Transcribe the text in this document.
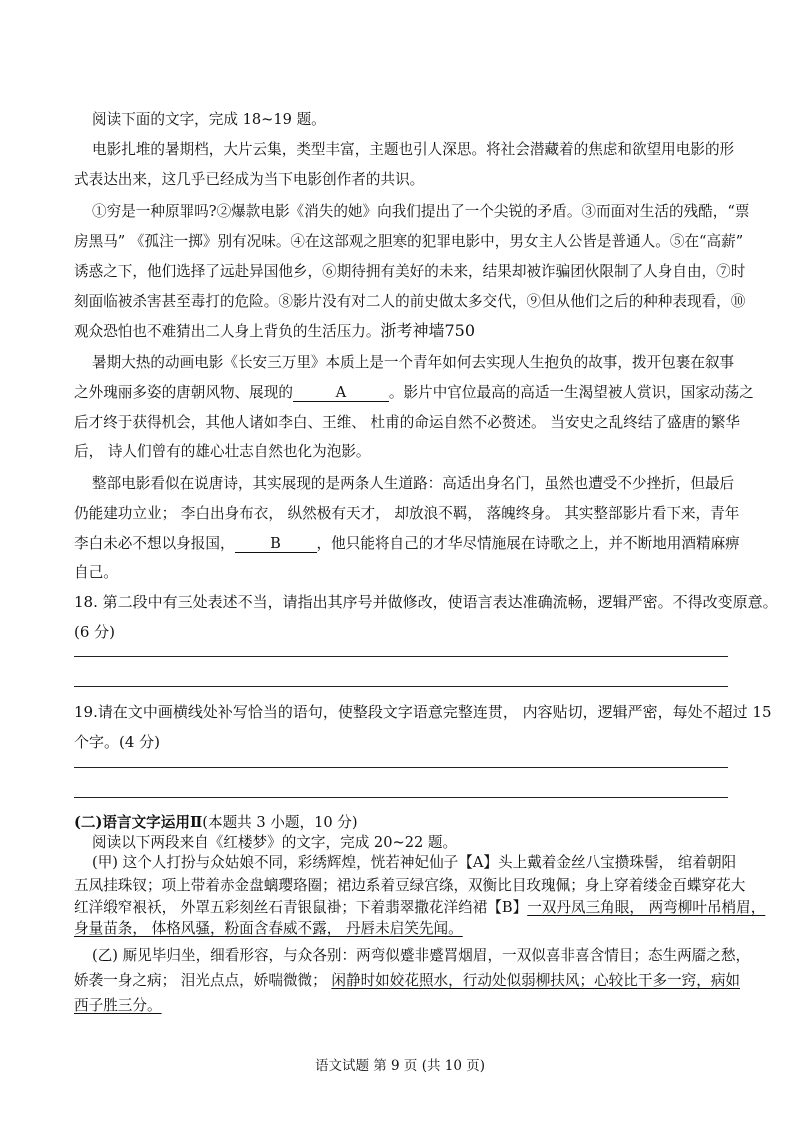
阅读下面的文字，完成 18~19 题。
电影扎堆的暑期档，大片云集，类型丰富，主题也引人深思。将社会潜藏着的焦虑和欲望用电影的形
式表达出来，这几乎已经成为当下电影创作者的共识。
①穷是一种原罪吗?②爆款电影《消失的她》向我们提出了一个尖锐的矛盾。③而面对生活的残酷，“票
房黑马” 《孤注一掷》别有况味。④在这部观之胆寒的犯罪电影中，男女主人公皆是普通人。⑤在“高薪”
诱惑之下，他们选择了远赴异国他乡，⑥期待拥有美好的未来，结果却被诈骗团伙限制了人身自由，⑦时
刻面临被杀害甚至毒打的危险。⑧影片没有对二人的前史做太多交代，⑨但从他们之后的种种表现看，⑩
观众恐怕也不难猜出二人身上背负的生活压力。浙考神墙750
暑期大热的动画电影《长安三万里》本质上是一个青年如何去实现人生抱负的故事，拨开包裹在叙事
之外瑰丽多姿的唐朝风物、展现的	A	。影片中官位最高的高适一生渴望被人赏识，国家动荡之
后才终于获得机会，其他人诸如李白、王维、 杜甫的命运自然不必赘述。 当安史之乱终结了盛唐的繁华
后， 诗人们曾有的雄心壮志自然也化为泡影。
整部电影看似在说唐诗，其实展现的是两条人生道路：高适出身名门，虽然也遭受不少挫折，但最后
仍能建功立业； 李白出身布衣， 纵然极有天才， 却放浪不羁， 落魄终身。 其实整部影片看下来，青年
李白未必不想以身报国， B ，他只能将自己的才华尽情施展在诗歌之上，并不断地用酒精麻痹
自己。
18. 第二段中有三处表述不当，请指出其序号并做修改，使语言表达准确流畅，逻辑严密。不得改变原意。
(6 分)
19.请在文中画横线处补写恰当的语句，使整段文字语意完整连贯， 内容贴切，逻辑严密，每处不超过 15
个字。(4 分)
(二)语言文字运用Ⅱ(本题共 3 小题，10 分)
阅读以下两段来自《红楼梦》的文字，完成 20~22 题。
(甲) 这个人打扮与众姑娘不同，彩绣辉煌，恍若神妃仙子【A】头上戴着金丝八宝攒珠髻， 绾着朝阳
五凤挂珠钗；项上带着赤金盘螭璎珞圈；裙边系着豆绿宫绦，双衡比目玫瑰佩；身上穿着缕金百蝶穿花大
红洋缎窄裉袄， 外罩五彩刻丝石青银鼠褂；下着翡翠撒花洋绉裙【B】一双丹凤三角眼， 两弯柳叶吊梢眉，
身量苗条， 体格风骚，粉面含春威不露， 丹唇未启笑先闻。
(乙) 厮见毕归坐，细看形容，与众各别：两弯似蹙非蹙罥烟眉，一双似喜非喜含情目；态生两靥之愁，
娇袭一身之病； 泪光点点，娇喘微微； 闲静时如姣花照水，行动处似弱柳扶风；心较比干多一窍，病如
西子胜三分。
语文试题 第 9 页 (共 10 页)
